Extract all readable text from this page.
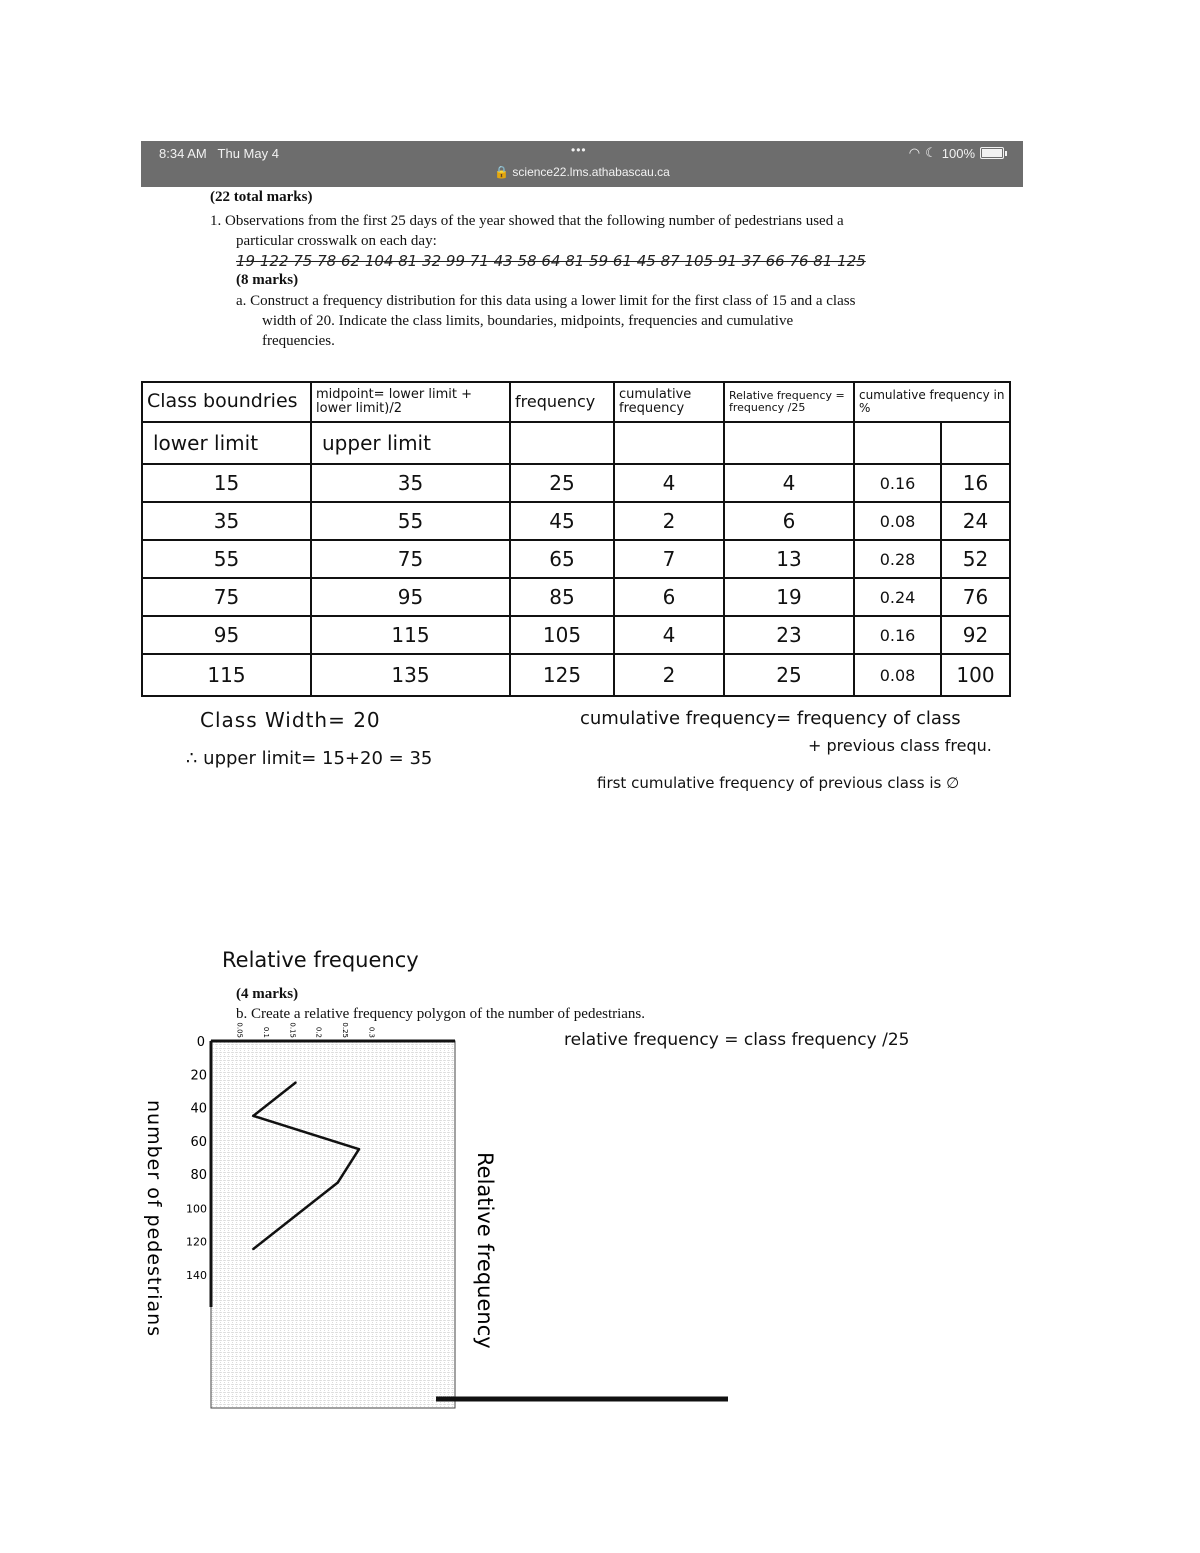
8:34 AM Thu May 4	•••
🔒 science22.lms.athabascau.ca
◠ ☾ 100%
(22 total marks)
1. Observations from the first 25 days of the year showed that the following number of pedestrians used a
particular crosswalk on each day:
19 122 75 78 62 104 81 32 99 71 43 58 64 81 59 61 45 87 105 91 37 66 76 81 125
(8 marks)
a. Construct a frequency distribution for this data using a lower limit for the first class of 15 and a class
width of 20. Indicate the class limits, boundaries, midpoints, frequencies and cumulative
frequencies.
Class boundries	midpoint= lower limit + lower limit)/2	frequency	cumulative frequency	Relative frequency = frequency /25	cumulative frequency in %	
lower limit	upper limit					
15	35	25	4	4	0.16	16
35	55	45	2	6	0.08	24
55	75	65	7	13	0.28	52
75	95	85	6	19	0.24	76
95	115	105	4	23	0.16	92
115	135	125	2	25	0.08	100
Class Width= 20
∴ upper limit= 15+20 = 35
cumulative frequency= frequency of class
+ previous class frequ.
first cumulative frequency of previous class is ∅
Relative frequency
(4 marks)
b. Create a relative frequency polygon of the number of pedestrians.
relative frequency = class frequency /25
0
20
40
60
80
100
120
140
0.05	0.1	0.15	0.2	0.25	0.3
number of pedestrians	Relative frequency
